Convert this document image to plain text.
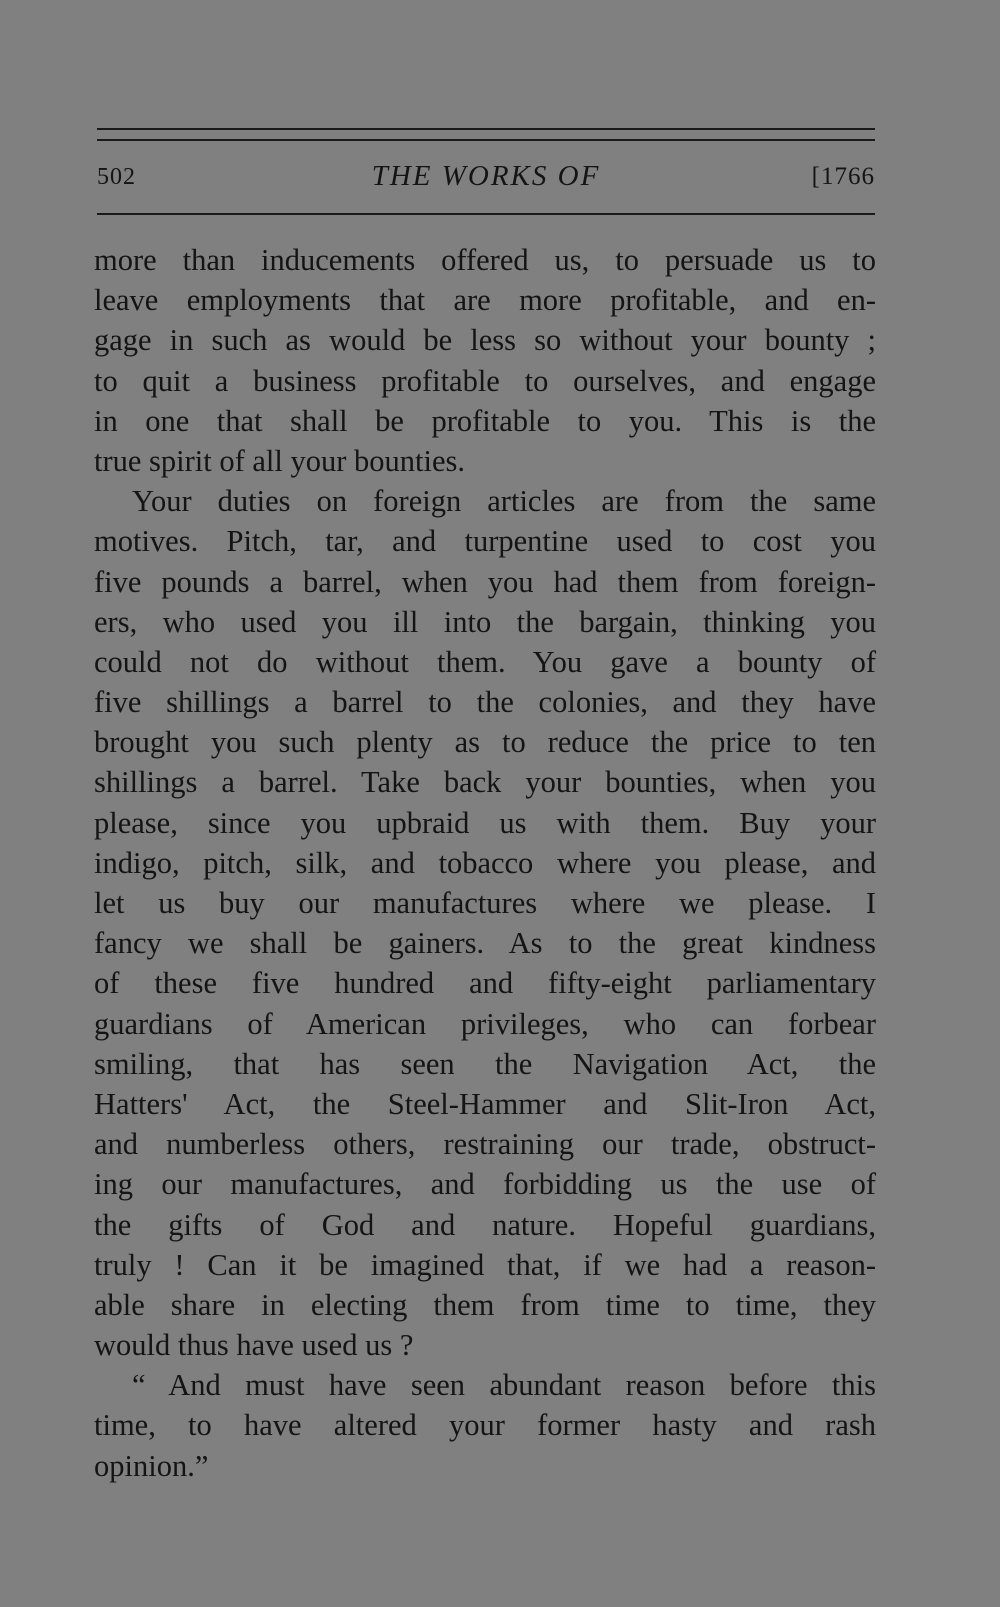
502	THE WORKS OF	[1766
more than inducements offered us, to persuade us to
leave employments that are more profitable, and en-
gage in such as would be less so without your bounty ;
to quit a business profitable to ourselves, and engage
in one that shall be profitable to you. This is the
true spirit of all your bounties.
Your duties on foreign articles are from the same
motives. Pitch, tar, and turpentine used to cost you
five pounds a barrel, when you had them from foreign-
ers, who used you ill into the bargain, thinking you
could not do without them. You gave a bounty of
five shillings a barrel to the colonies, and they have
brought you such plenty as to reduce the price to ten
shillings a barrel. Take back your bounties, when you
please, since you upbraid us with them. Buy your
indigo, pitch, silk, and tobacco where you please, and
let us buy our manufactures where we please. I
fancy we shall be gainers. As to the great kindness
of these five hundred and fifty-eight parliamentary
guardians of American privileges, who can forbear
smiling, that has seen the Navigation Act, the
Hatters' Act, the Steel-Hammer and Slit-Iron Act,
and numberless others, restraining our trade, obstruct-
ing our manufactures, and forbidding us the use of
the gifts of God and nature. Hopeful guardians,
truly ! Can it be imagined that, if we had a reason-
able share in electing them from time to time, they
would thus have used us ?
“ And must have seen abundant reason before this
time, to have altered your former hasty and rash
opinion.”
